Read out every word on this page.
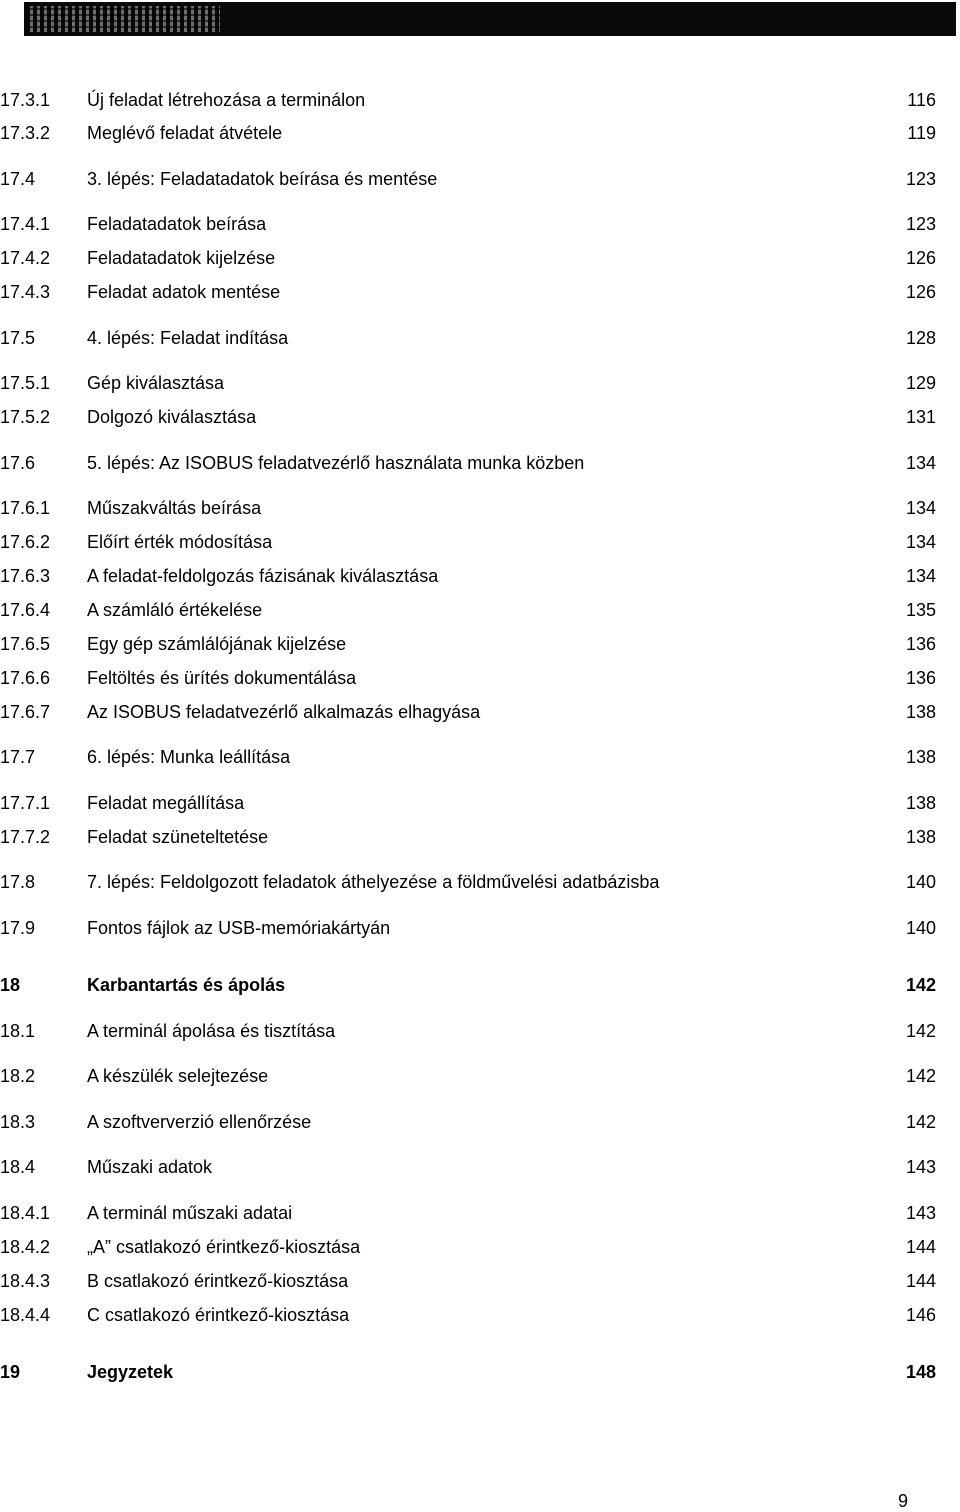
17.3.1 Új feladat létrehozása a terminálon	116
17.3.2 Meglévő feladat átvétele	119
17.4	3. lépés: Feladatadatok beírása és mentése	123
17.4.1 Feladatadatok beírása	123
17.4.2 Feladatadatok kijelzése	126
17.4.3 Feladat adatok mentése	126
17.5	4. lépés: Feladat indítása	128
17.5.1 Gép kiválasztása	129
17.5.2 Dolgozó kiválasztása	131
17.6	5. lépés: Az ISOBUS feladatvezérlő használata munka közben	134
17.6.1 Műszakváltás beírása	134
17.6.2 Előírt érték módosítása	134
17.6.3 A feladat-feldolgozás fázisának kiválasztása	134
17.6.4 A számláló értékelése	135
17.6.5 Egy gép számlálójának kijelzése	136
17.6.6 Feltöltés és ürítés dokumentálása	136
17.6.7 Az ISOBUS feladatvezérlő alkalmazás elhagyása	138
17.7	6. lépés: Munka leállítása	138
17.7.1 Feladat megállítása	138
17.7.2 Feladat szüneteltetése	138
17.8	7. lépés: Feldolgozott feladatok áthelyezése a földművelési adatbázisba	140
17.9	Fontos fájlok az USB-memóriakártyán	140
18	Karbantartás és ápolás	142
18.1	A terminál ápolása és tisztítása	142
18.2	A készülék selejtezése	142
18.3	A szoftververzió ellenőrzése	142
18.4	Műszaki adatok	143
18.4.1 A terminál műszaki adatai	143
18.4.2 „A” csatlakozó érintkező-kiosztása	144
18.4.3 B csatlakozó érintkező-kiosztása	144
18.4.4 C csatlakozó érintkező-kiosztása	146
19	Jegyzetek	148
9
